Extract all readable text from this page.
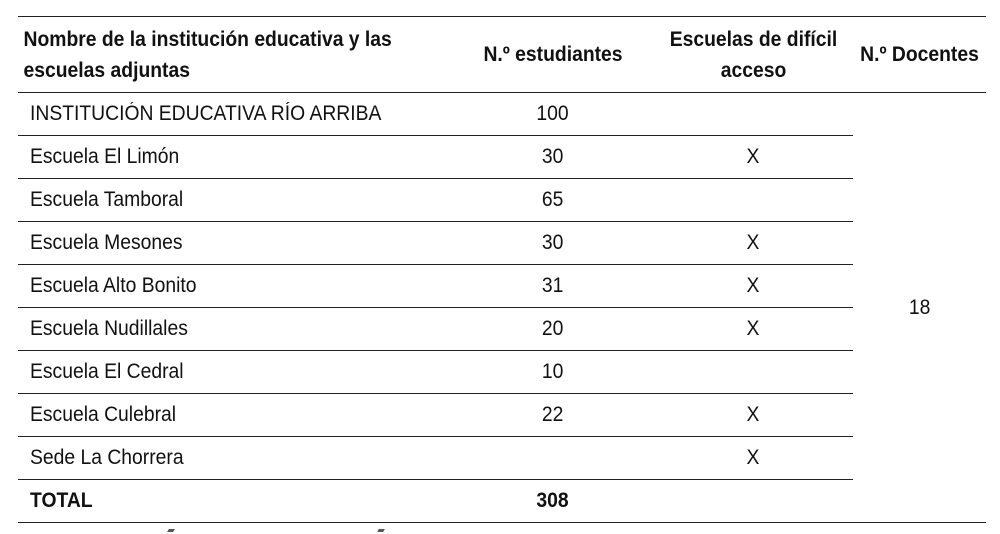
Nombre de la institución educativa y las escuelas adjuntas	N.º estudiantes	Escuelas de difícil acceso	N.º Docentes
INSTITUCIÓN EDUCATIVA RÍO ARRIBA	100		18
Escuela El Limón	30	X	
Escuela Tamboral	65		
Escuela Mesones	30	X	
Escuela Alto Bonito	31	X	
Escuela Nudillales	20	X	
Escuela El Cedral	10		
Escuela Culebral	22	X	
Sede La Chorrera		X	
TOTAL	308		
